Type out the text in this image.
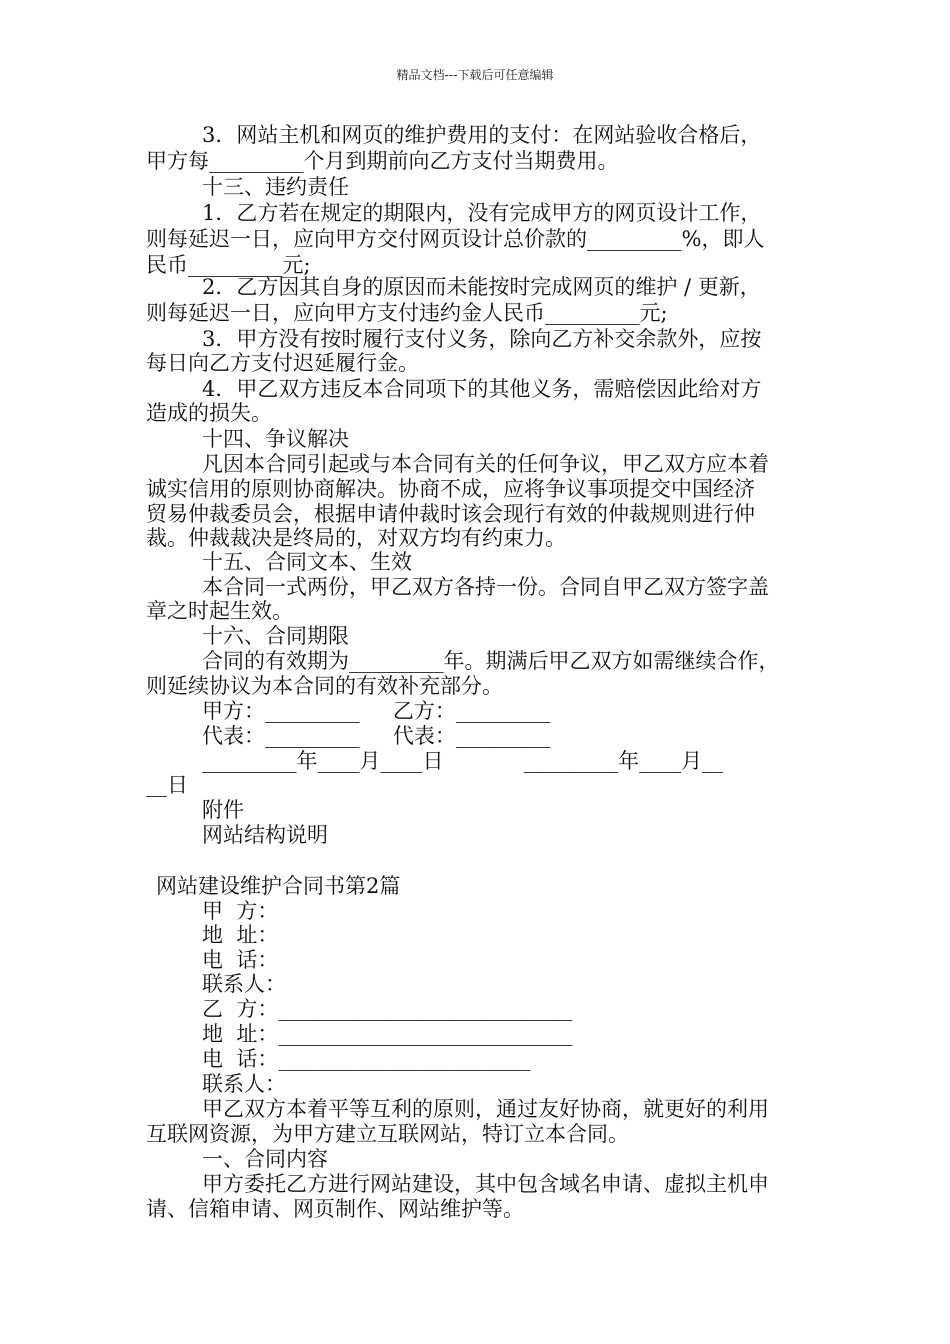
精品文档---下载后可任意编辑
3．网站主机和网页的维护费用的支付：在网站验收合格后，
甲方每_________个月到期前向乙方支付当期费用。
十三、违约责任
1．乙方若在规定的期限内，没有完成甲方的网页设计工作，
则每延迟一日，应向甲方交付网页设计总价款的_________%，即人
民币_________元;
2．乙方因其自身的原因而未能按时完成网页的维护 / 更新，
则每延迟一日，应向甲方支付违约金人民币_________元;
3．甲方没有按时履行支付义务，除向乙方补交余款外，应按
每日向乙方支付迟延履行金。
4．甲乙双方违反本合同项下的其他义务，需赔偿因此给对方
造成的损失。
十四、争议解决
凡因本合同引起或与本合同有关的任何争议，甲乙双方应本着
诚实信用的原则协商解决。协商不成，应将争议事项提交中国经济
贸易仲裁委员会，根据申请仲裁时该会现行有效的仲裁规则进行仲
裁。仲裁裁决是终局的，对双方均有约束力。
十五、合同文本、生效
本合同一式两份，甲乙双方各持一份。合同自甲乙双方签字盖
章之时起生效。
十六、合同期限
合同的有效期为_________年。期满后甲乙双方如需继续合作，
则延续协议为本合同的有效补充部分。
甲方：_________     乙方：_________
代表：_________     代表：_________
_________年____月____日            _________年____月__
__日
附件
网站结构说明
网站建设维护合同书第2篇
甲  方：
地  址：
电  话：
联系人：
乙  方：____________________________
地  址：____________________________
电  话：________________________
联系人：
甲乙双方本着平等互利的原则，通过友好协商，就更好的利用
互联网资源，为甲方建立互联网站，特订立本合同。
一、合同内容
甲方委托乙方进行网站建设，其中包含域名申请、虚拟主机申
请、信箱申请、网页制作、网站维护等。
